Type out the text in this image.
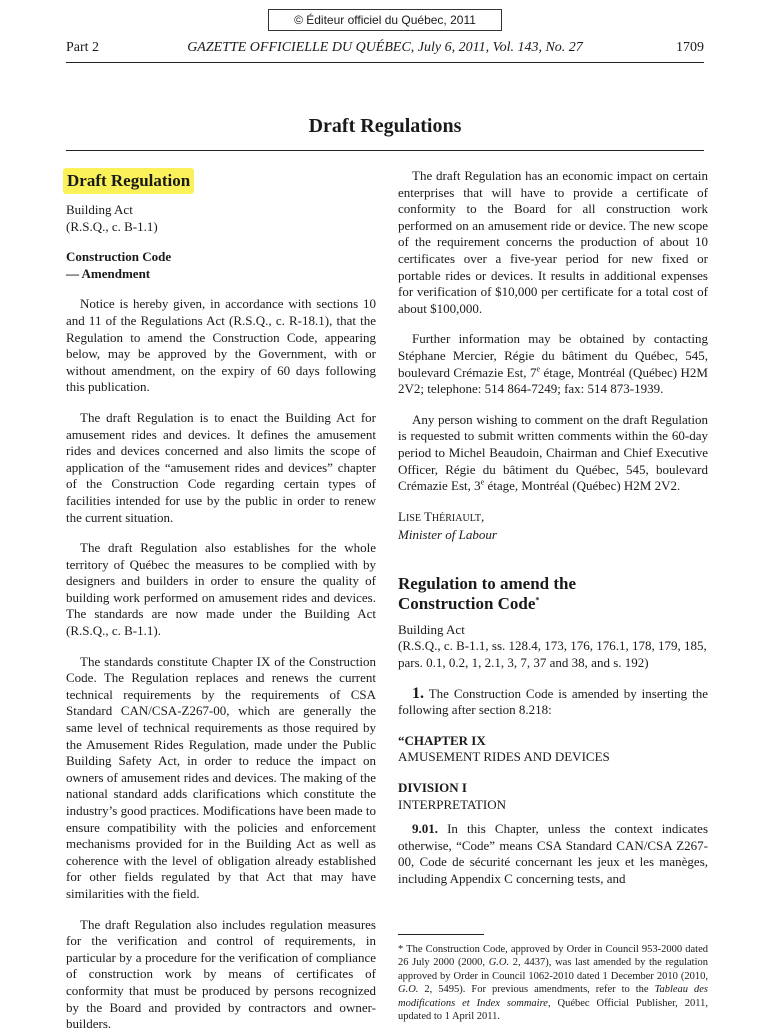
© Éditeur officiel du Québec, 2011
Part 2	GAZETTE OFFICIELLE DU QUÉBEC, July 6, 2011, Vol. 143, No. 27	1709
Draft Regulations

Draft Regulation

Building Act

(R.S.Q., c. B-1.1)

Construction Code

— Amendment

Notice is hereby given, in accordance with sections 10 and 11 of the Regulations Act (R.S.Q., c. R-18.1), that the Regulation to amend the Construction Code, appearing below, may be approved by the Government, with or without amendment, on the expiry of 60 days following this publication.

The draft Regulation is to enact the Building Act for amusement rides and devices. It defines the amusement rides and devices concerned and also limits the scope of application of the “amusement rides and devices” chapter of the Construction Code regarding certain types of facilities intended for use by the public in order to renew the current situation.

The draft Regulation also establishes for the whole territory of Québec the measures to be complied with by designers and builders in order to ensure the quality of building work performed on amusement rides and devices. The standards are now made under the Building Act (R.S.Q., c. B-1.1).

The standards constitute Chapter IX of the Construction Code. The Regulation replaces and renews the current technical requirements by the requirements of CSA Standard CAN/CSA-Z267-00, which are generally the same level of technical requirements as those required by the Amusement Rides Regulation, made under the Public Building Safety Act, in order to reduce the impact on owners of amusement rides and devices. The making of the national standard adds clarifications which constitute the industry’s good practices. Modifications have been made to ensure compatibility with the policies and enforcement mechanisms provided for in the Building Act as well as coherence with the level of obligation already established for other fields regulated by that Act that may have similarities with the field.

The draft Regulation also includes regulation measures for the verification and control of requirements, in particular by a procedure for the verification of compliance of construction work by means of certificates of conformity that must be produced by persons recognized by the Board and provided by contractors and owner-builders.

The draft Regulation has an economic impact on certain enterprises that will have to provide a certificate of conformity to the Board for all construction work performed on an amusement ride or device. The new scope of the requirement concerns the production of about 10 certificates over a five-year period for new fixed or portable rides or devices. It results in additional expenses for verification of $10,000 per certificate for a total cost of about $100,000.

Further information may be obtained by contacting Stéphane Mercier, Régie du bâtiment du Québec, 545, boulevard Crémazie Est, 7e étage, Montréal (Québec) H2M 2V2; telephone: 514 864-7249; fax: 514 873-1939.

Any person wishing to comment on the draft Regulation is requested to submit written comments within the 60-day period to Michel Beaudoin, Chairman and Chief Executive Officer, Régie du bâtiment du Québec, 545, boulevard Crémazie Est, 3e étage, Montréal (Québec) H2M 2V2.

LISE THÉRIAULT,

Minister of Labour

Regulation to amend the

Construction Code*

Building Act

(R.S.Q., c. B-1.1, ss. 128.4, 173, 176, 176.1, 178, 179, 185, pars. 0.1, 0.2, 1, 2.1, 3, 7, 37 and 38, and s. 192)

1. The Construction Code is amended by inserting the following after section 8.218:

“CHAPTER IX

AMUSEMENT RIDES AND DEVICES

DIVISION I

INTERPRETATION

9.01. In this Chapter, unless the context indicates otherwise, “Code” means CSA Standard CAN/CSA Z267-00, Code de sécurité concernant les jeux et les manèges, including Appendix C concerning tests, and

* The Construction Code, approved by Order in Council 953-2000 dated 26 July 2000 (2000, G.O. 2, 4437), was last amended by the regulation approved by Order in Council 1062-2010 dated 1 December 2010 (2010, G.O. 2, 5495). For previous amendments, refer to the Tableau des modifications et Index sommaire, Québec Official Publisher, 2011, updated to 1 April 2011.
